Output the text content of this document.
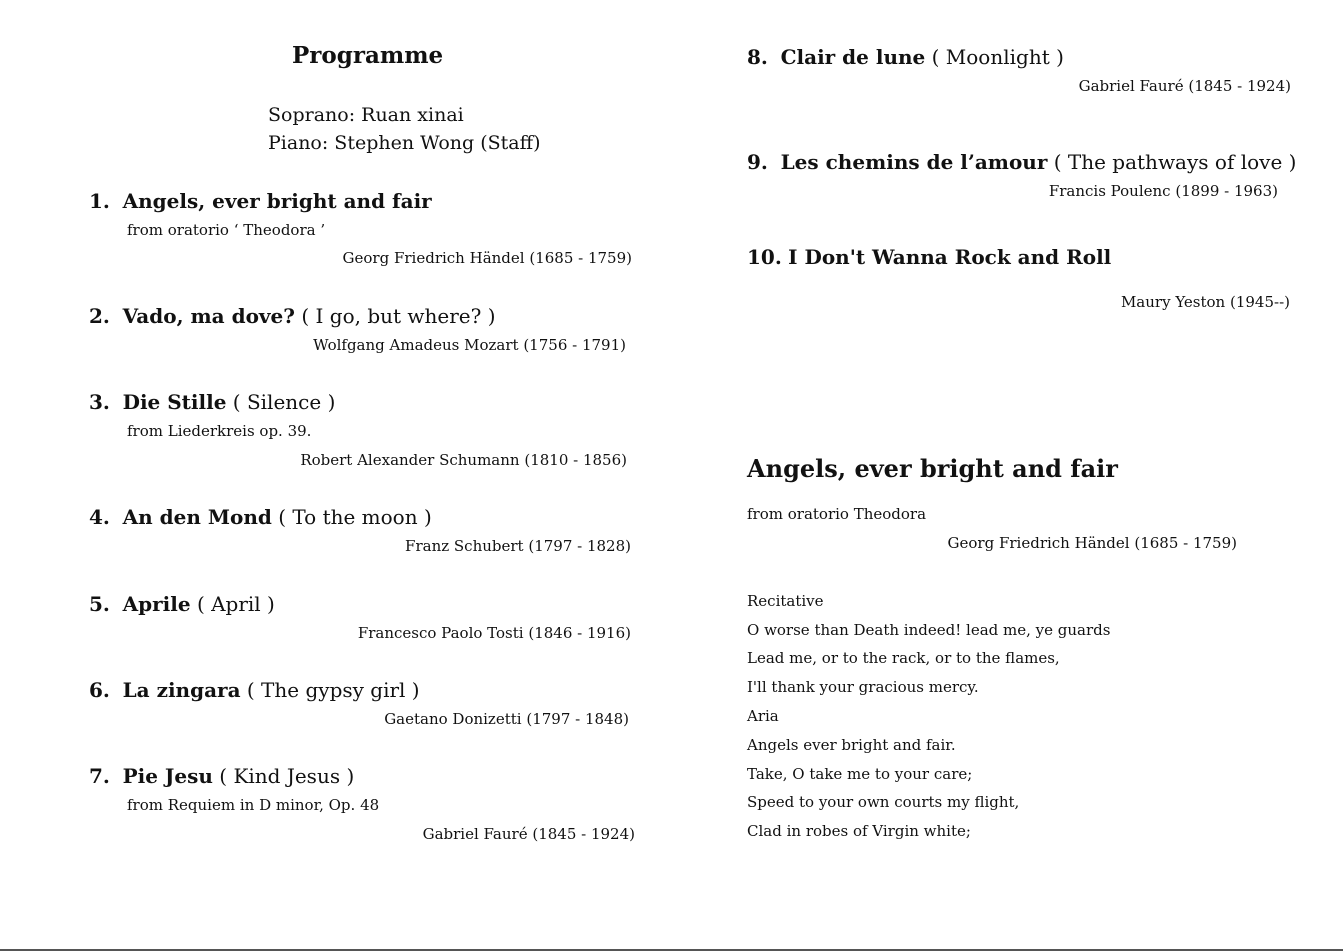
Programme
Soprano: Ruan xinai
Piano: Stephen Wong (Staff)
1. Angels, ever bright and fair
from oratorio ‘ Theodora ’
Georg Friedrich Händel (1685 - 1759)
2. Vado, ma dove? ( I go, but where? )
Wolfgang Amadeus Mozart (1756 - 1791)
3. Die Stille ( Silence )
from Liederkreis op. 39.
Robert Alexander Schumann (1810 - 1856)
4. An den Mond ( To the moon )
Franz Schubert (1797 - 1828)
5. Aprile ( April )
Francesco Paolo Tosti (1846 - 1916)
6. La zingara ( The gypsy girl )
Gaetano Donizetti (1797 - 1848)
7. Pie Jesu ( Kind Jesus )
from Requiem in D minor, Op. 48
Gabriel Fauré (1845 - 1924)
8. Clair de lune ( Moonlight )
Gabriel Fauré (1845 - 1924)
9. Les chemins de l’amour ( The pathways of love )
Francis Poulenc (1899 - 1963)
10. I Don't Wanna Rock and Roll
Maury Yeston (1945--)
Angels, ever bright and fair
from oratorio Theodora
Georg Friedrich Händel (1685 - 1759)
Recitative
O worse than Death indeed! lead me, ye guards
Lead me, or to the rack, or to the flames,
I'll thank your gracious mercy.
Aria
Angels ever bright and fair.
Take, O take me to your care;
Speed to your own courts my flight,
Clad in robes of Virgin white;
